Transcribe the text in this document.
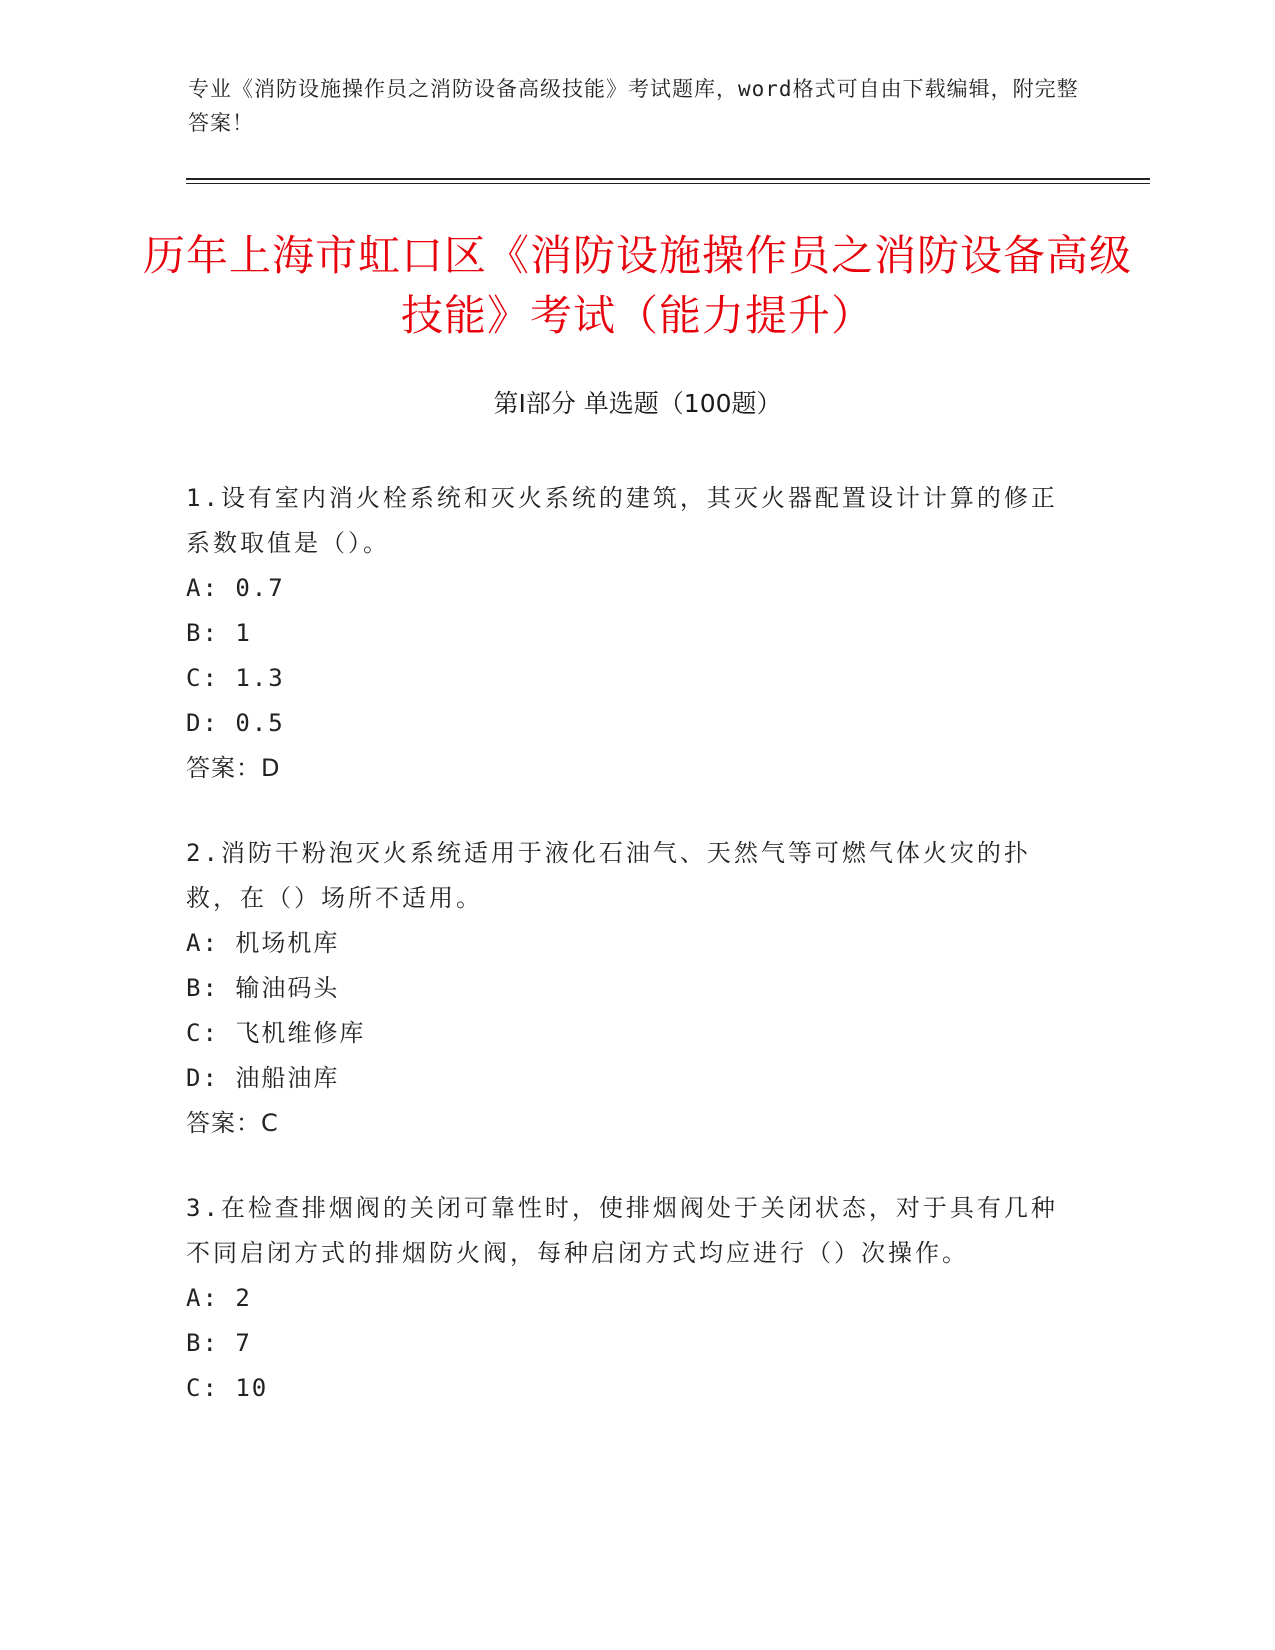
专业《消防设施操作员之消防设备高级技能》考试题库，word格式可自由下载编辑，附完整答案！
历年上海市虹口区《消防设施操作员之消防设备高级技能》考试（能力提升）
第I部分 单选题（100题）
1.设有室内消火栓系统和灭火系统的建筑，其灭火器配置设计计算的修正系数取值是（）。
A: 0.7
B: 1
C: 1.3
D: 0.5
答案：D
2.消防干粉泡灭火系统适用于液化石油气、天然气等可燃气体火灾的扑救，在（）场所不适用。
A: 机场机库
B: 输油码头
C: 飞机维修库
D: 油船油库
答案：C
3.在检查排烟阀的关闭可靠性时，使排烟阀处于关闭状态，对于具有几种不同启闭方式的排烟防火阀，每种启闭方式均应进行（）次操作。
A: 2
B: 7
C: 10
